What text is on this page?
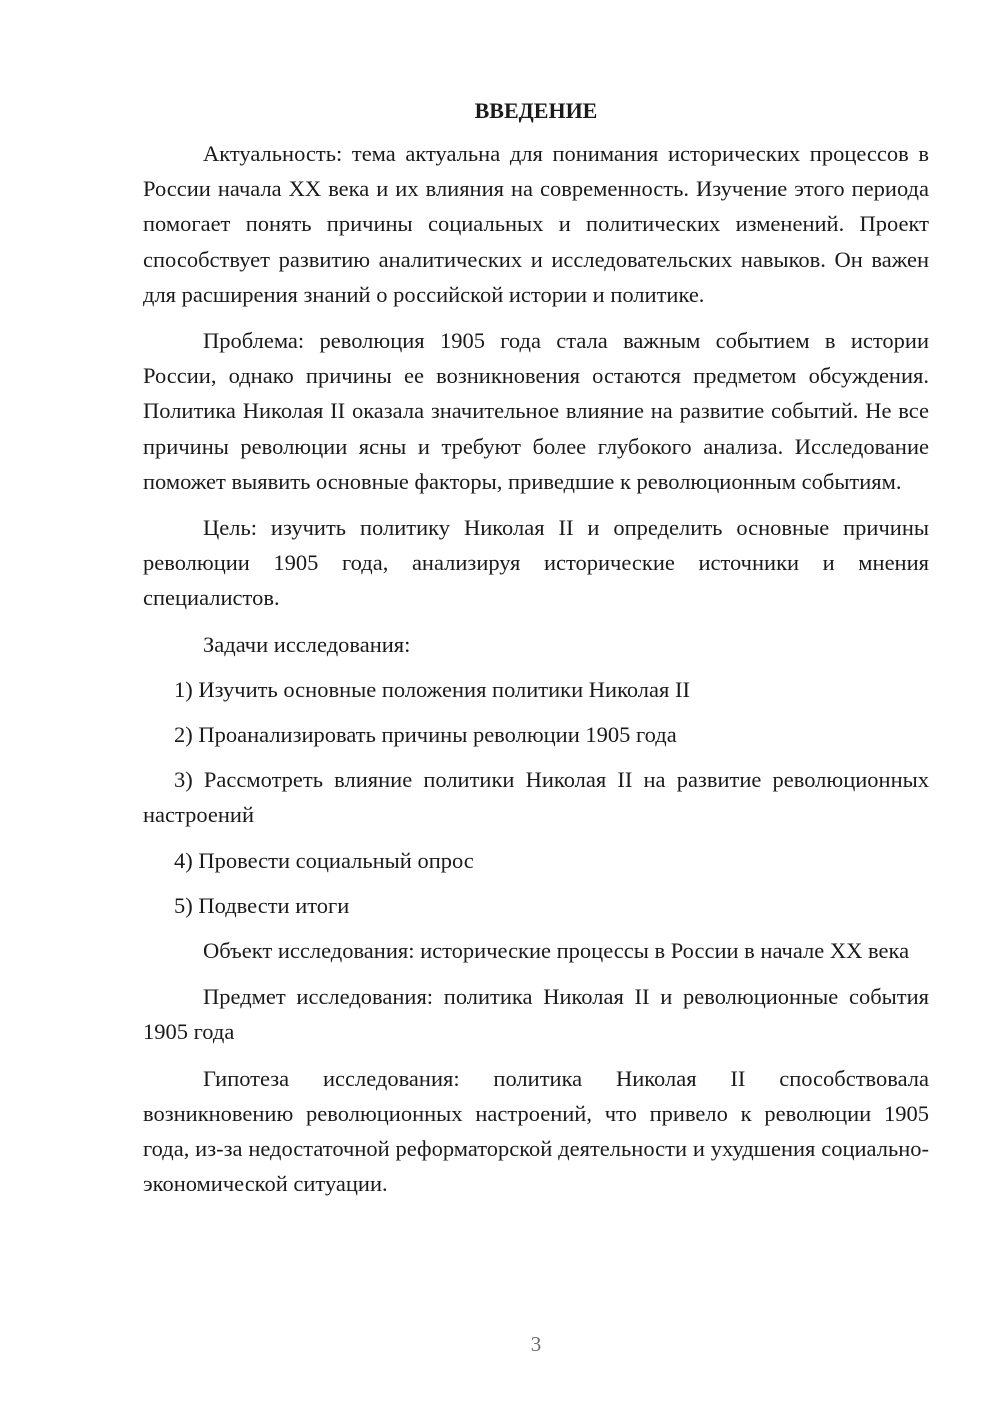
ВВЕДЕНИЕ

Актуальность: тема актуальна для понимания исторических процессов в России начала XX века и их влияния на современность. Изучение этого периода помогает понять причины социальных и политических изменений. Проект способствует развитию аналитических и исследовательских навыков. Он важен для расширения знаний о российской истории и политике.

Проблема: революция 1905 года стала важным событием в истории России, однако причины ее возникновения остаются предметом обсуждения. Политика Николая II оказала значительное влияние на развитие событий. Не все причины революции ясны и требуют более глубокого анализа. Исследование поможет выявить основные факторы, приведшие к революционным событиям.

Цель: изучить политику Николая II и определить основные причины революции 1905 года, анализируя исторические источники и мнения специалистов.

Задачи исследования:

1) Изучить основные положения политики Николая II

2) Проанализировать причины революции 1905 года

3) Рассмотреть влияние политики Николая II на развитие революционных настроений

4) Провести социальный опрос

5) Подвести итоги

Объект исследования: исторические процессы в России в начале XX века

Предмет исследования: политика Николая II и революционные события 1905 года

Гипотеза исследования: политика Николая II способствовала возникновению революционных настроений, что привело к революции 1905 года, из-за недостаточной реформаторской деятельности и ухудшения социально-экономической ситуации.

3
